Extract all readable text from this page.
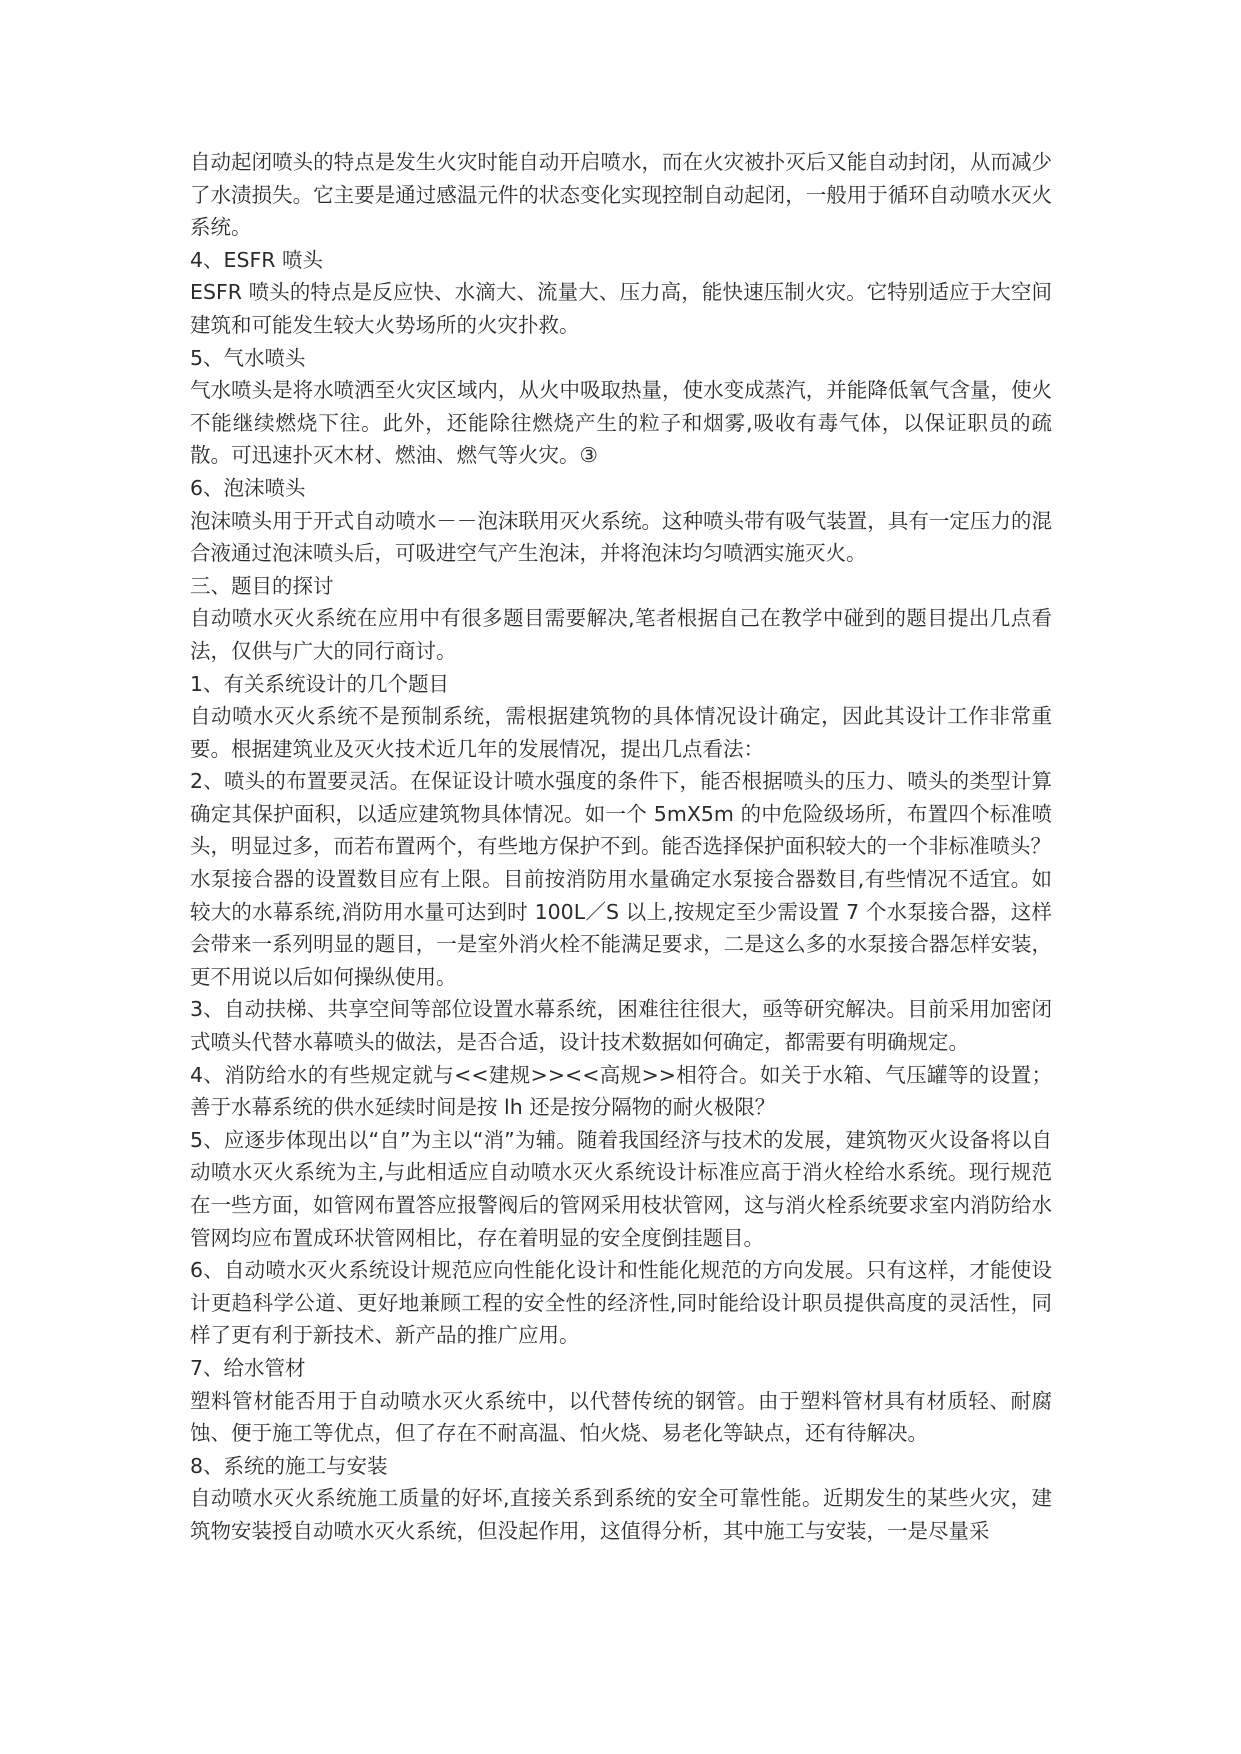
自动起闭喷头的特点是发生火灾时能自动开启喷水，而在火灾被扑灭后又能自动封闭，从而减少了水渍损失。它主要是通过感温元件的状态变化实现控制自动起闭，一般用于循环自动喷水灭火系统。

4、ESFR 喷头

ESFR 喷头的特点是反应快、水滴大、流量大、压力高，能快速压制火灾。它特别适应于大空间建筑和可能发生较大火势场所的火灾扑救。

5、气水喷头

气水喷头是将水喷洒至火灾区域内，从火中吸取热量，使水变成蒸汽，并能降低氧气含量，使火不能继续燃烧下往。此外，还能除往燃烧产生的粒子和烟雾,吸收有毒气体，以保证职员的疏散。可迅速扑灭木材、燃油、燃气等火灾。③

6、泡沫喷头

泡沫喷头用于开式自动喷水－－泡沫联用灭火系统。这种喷头带有吸气装置，具有一定压力的混合液通过泡沫喷头后，可吸进空气产生泡沫，并将泡沫均匀喷洒实施灭火。

三、题目的探讨

自动喷水灭火系统在应用中有很多题目需要解决,笔者根据自己在教学中碰到的题目提出几点看法，仅供与广大的同行商讨。

1、有关系统设计的几个题目

自动喷水灭火系统不是预制系统，需根据建筑物的具体情况设计确定，因此其设计工作非常重要。根据建筑业及灭火技术近几年的发展情况，提出几点看法：

2、喷头的布置要灵活。在保证设计喷水强度的条件下，能否根据喷头的压力、喷头的类型计算确定其保护面积，以适应建筑物具体情况。如一个 5mX5m 的中危险级场所，布置四个标准喷头，明显过多，而若布置两个，有些地方保护不到。能否选择保护面积较大的一个非标准喷头？

水泵接合器的设置数目应有上限。目前按消防用水量确定水泵接合器数目,有些情况不适宜。如较大的水幕系统,消防用水量可达到时 100L／S 以上,按规定至少需设置 7 个水泵接合器，这样会带来一系列明显的题目，一是室外消火栓不能满足要求，二是这么多的水泵接合器怎样安装，更不用说以后如何操纵使用。

3、自动扶梯、共享空间等部位设置水幕系统，困难往往很大，亟等研究解决。目前采用加密闭式喷头代替水幕喷头的做法，是否合适，设计技术数据如何确定，都需要有明确规定。

4、消防给水的有些规定就与<<建规>><<高规>>相符合。如关于水箱、气压罐等的设置；善于水幕系统的供水延续时间是按 lh 还是按分隔物的耐火极限？

5、应逐步体现出以“自”为主以“消”为辅。随着我国经济与技术的发展，建筑物灭火设备将以自动喷水灭火系统为主,与此相适应自动喷水灭火系统设计标准应高于消火栓给水系统。现行规范在一些方面，如管网布置答应报警阀后的管网采用枝状管网，这与消火栓系统要求室内消防给水管网均应布置成环状管网相比，存在着明显的安全度倒挂题目。

6、自动喷水灭火系统设计规范应向性能化设计和性能化规范的方向发展。只有这样，才能使设计更趋科学公道、更好地兼顾工程的安全性的经济性,同时能给设计职员提供高度的灵活性，同样了更有利于新技术、新产品的推广应用。

7、给水管材

塑料管材能否用于自动喷水灭火系统中，以代替传统的钢管。由于塑料管材具有材质轻、耐腐蚀、便于施工等优点，但了存在不耐高温、怕火烧、易老化等缺点，还有待解决。

8、系统的施工与安装

自动喷水灭火系统施工质量的好坏,直接关系到系统的安全可靠性能。近期发生的某些火灾，建筑物安装授自动喷水灭火系统，但没起作用，这值得分析，其中施工与安装，一是尽量采
